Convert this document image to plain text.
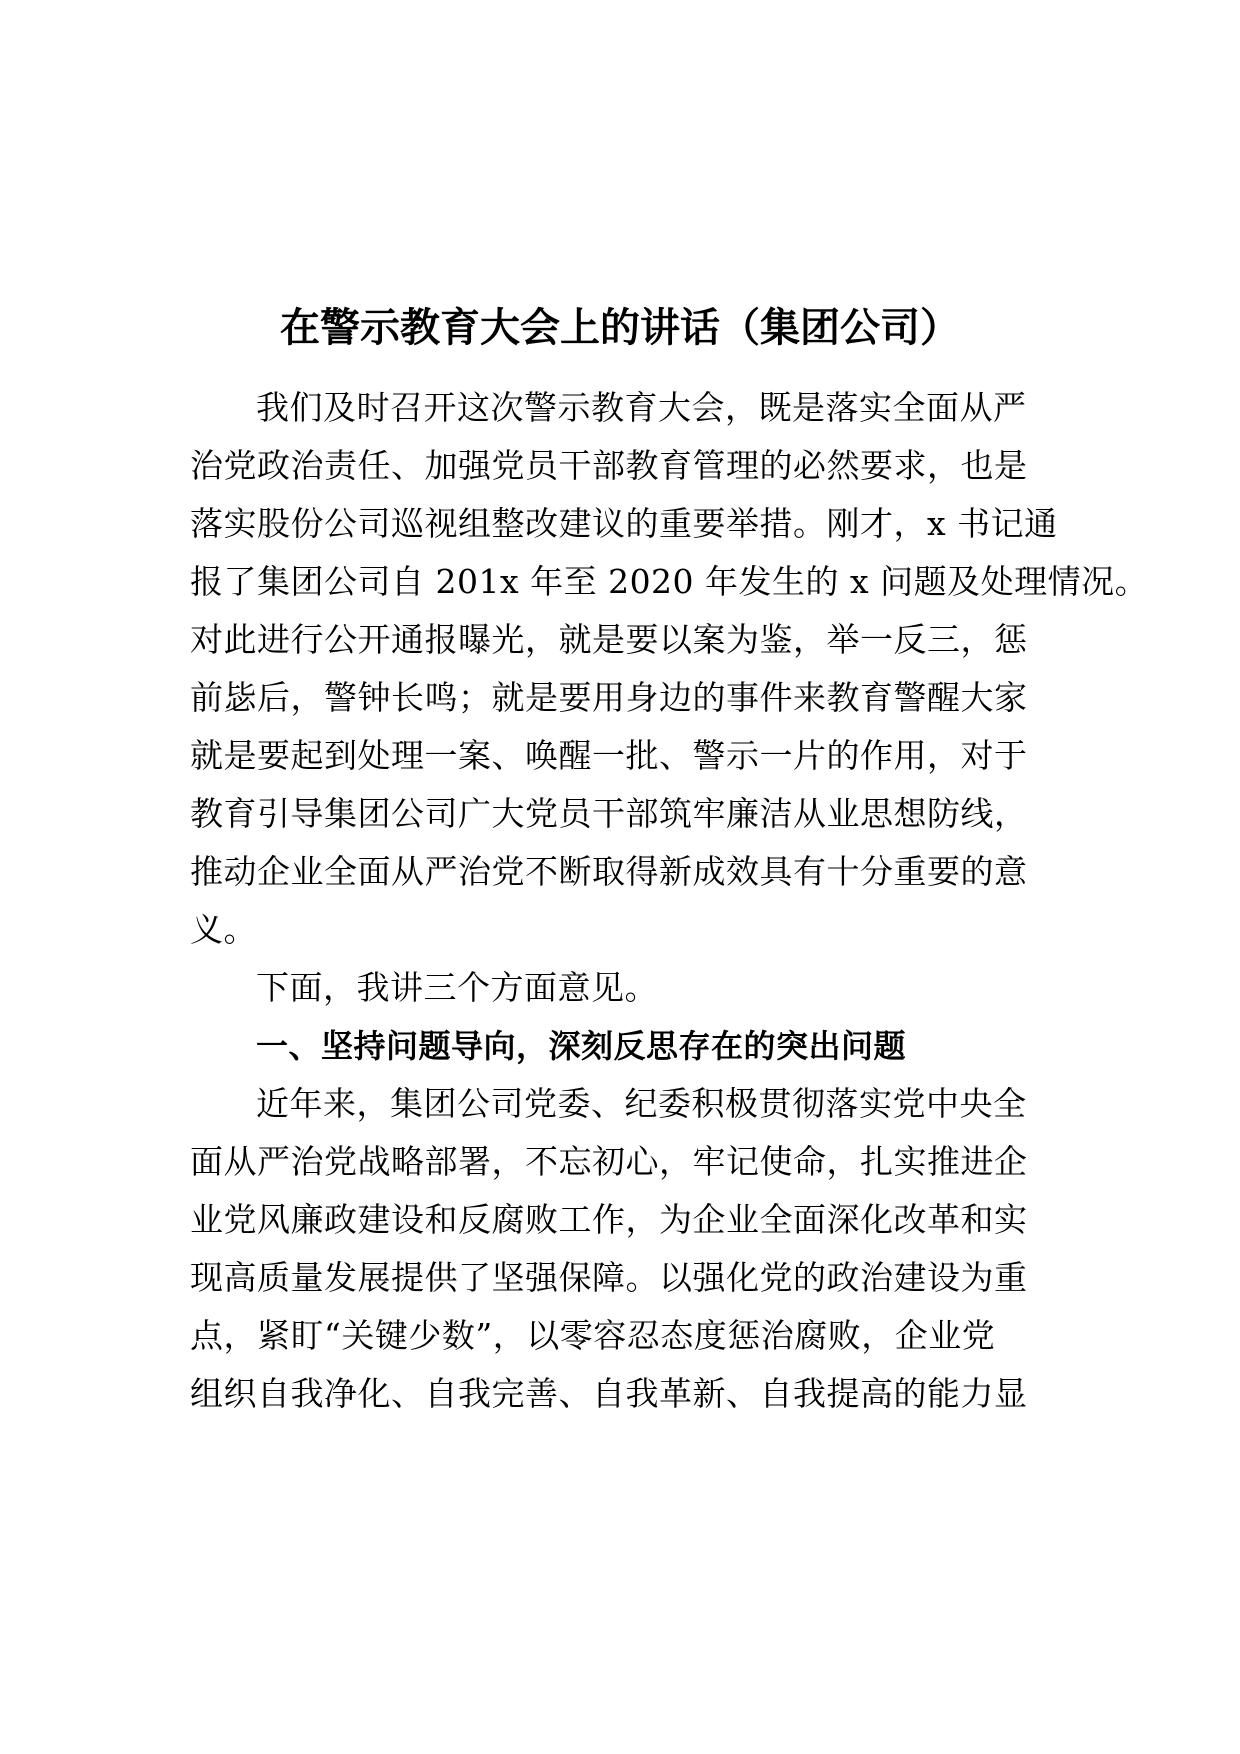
在警示教育大会上的讲话（集团公司）
我们及时召开这次警示教育大会，既是落实全面从严
治党政治责任、加强党员干部教育管理的必然要求，也是
落实股份公司巡视组整改建议的重要举措。刚才，x 书记通
报了集团公司自 201x 年至 2020 年发生的 x 问题及处理情况。
对此进行公开通报曝光，就是要以案为鉴，举一反三，惩
前毖后，警钟长鸣；就是要用身边的事件来教育警醒大家
就是要起到处理一案、唤醒一批、警示一片的作用，对于
教育引导集团公司广大党员干部筑牢廉洁从业思想防线，
推动企业全面从严治党不断取得新成效具有十分重要的意
义。
下面，我讲三个方面意见。
一、坚持问题导向，深刻反思存在的突出问题
近年来，集团公司党委、纪委积极贯彻落实党中央全
面从严治党战略部署，不忘初心，牢记使命，扎实推进企
业党风廉政建设和反腐败工作，为企业全面深化改革和实
现高质量发展提供了坚强保障。以强化党的政治建设为重
点，紧盯“关键少数”，以零容忍态度惩治腐败，企业党
组织自我净化、自我完善、自我革新、自我提高的能力显
